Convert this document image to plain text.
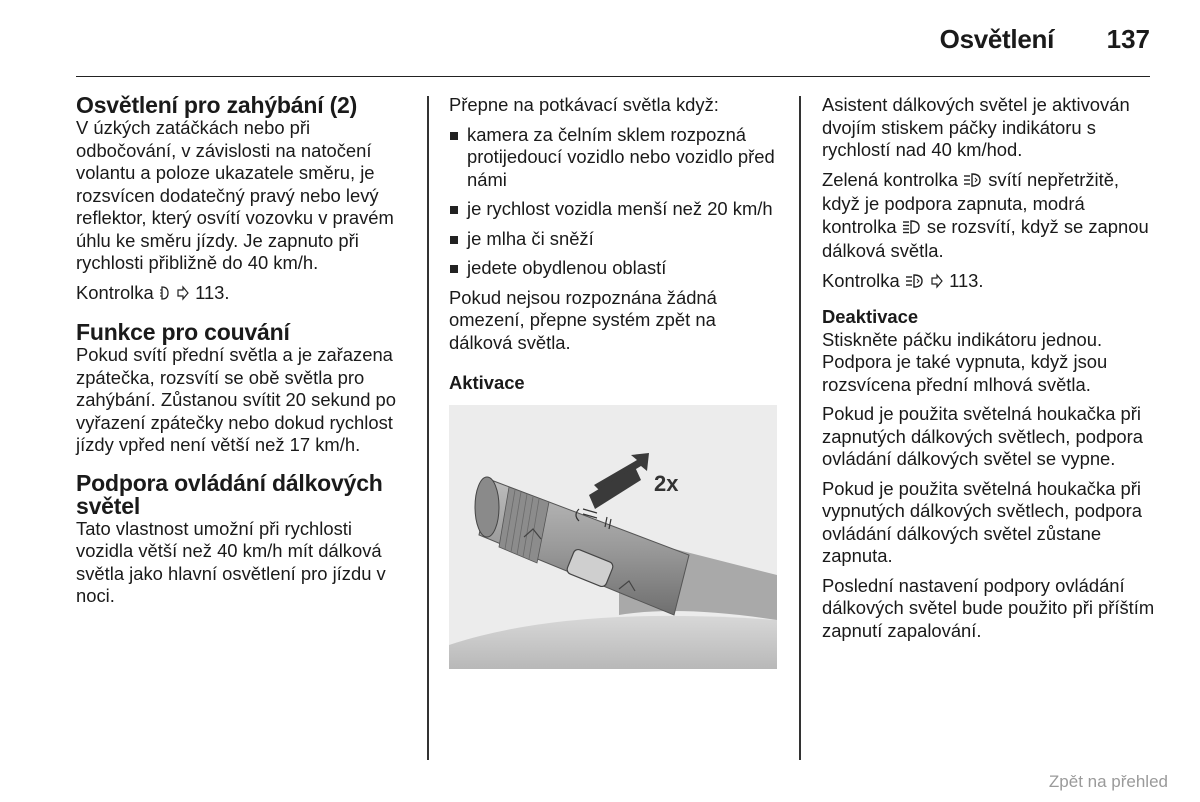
Osvětlení 137
Osvětlení pro zahýbání (2)

V úzkých zatáčkách nebo při odbočování, v závislosti na natočení volantu a poloze ukazatele směru, je rozsvícen dodatečný pravý nebo levý reflektor, který osvítí vozovku v pravém úhlu ke směru jízdy. Je zapnuto při rychlosti přibližně do 40 km/h.

Kontrolka 113.

Funkce pro couvání

Pokud svítí přední světla a je zařazena zpátečka, rozsvítí se obě světla pro zahýbání. Zůstanou svítit 20 sekund po vyřazení zpátečky nebo dokud rychlost jízdy vpřed není větší než 17 km/h.

Podpora ovládání dálkových světel

Tato vlastnost umožní při rychlosti vozidla větší než 40 km/h mít dálková světla jako hlavní osvětlení pro jízdu v noci.

Přepne na potkávací světla když:

kamera za čelním sklem rozpozná protijedoucí vozidlo nebo vozidlo před námi
je rychlost vozidla menší než 20 km/h
je mlha či sněží
jedete obydlenou oblastí

Pokud nejsou rozpoznána žádná omezení, přepne systém zpět na dálková světla.

Aktivace

2x

Asistent dálkových světel je aktivován dvojím stiskem páčky indikátoru s rychlostí nad 40 km/hod.

Zelená kontrolka svítí nepřetržitě, když je podpora zapnuta, modrá kontrolka se rozsvítí, když se zapnou dálková světla.

Kontrolka	113.

Deaktivace

Stiskněte páčku indikátoru jednou. Podpora je také vypnuta, když jsou rozsvícena přední mlhová světla.

Pokud je použita světelná houkačka při zapnutých dálkových světlech, podpora ovládání dálkových světel se vypne.

Pokud je použita světelná houkačka při vypnutých dálkových světlech, podpora ovládání dálkových světel zůstane zapnuta.

Poslední nastavení podpory ovládání dálkových světel bude použito při příštím zapnutí zapalování.

Zpět na přehled
